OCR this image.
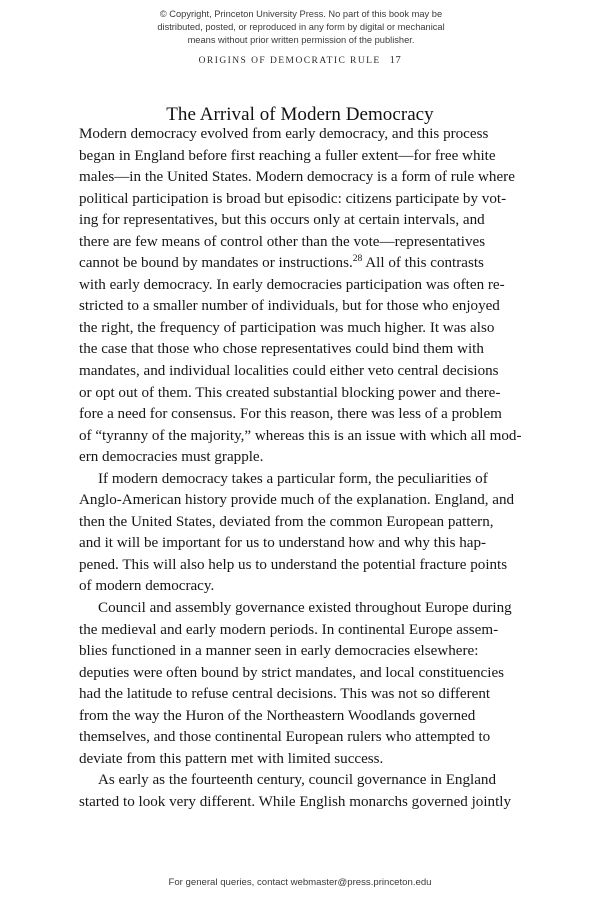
© Copyright, Princeton University Press. No part of this book may be
distributed, posted, or reproduced in any form by digital or mechanical
means without prior written permission of the publisher.
ORIGINS OF DEMOCRATIC RULE 17
The Arrival of Modern Democracy

Modern democracy evolved from early democracy, and this process

began in England before first reaching a fuller extent—for free white

males—in the United States. Modern democracy is a form of rule where

political participation is broad but episodic: citizens participate by vot-

ing for representatives, but this occurs only at certain intervals, and

there are few means of control other than the vote—representatives

cannot be bound by mandates or instructions.$^{28}$ All of this contrasts
with early democracy. In early democracies participation was often re-

stricted to a smaller number of individuals, but for those who enjoyed

the right, the frequency of participation was much higher. It was also

the case that those who chose representatives could bind them with

mandates, and individual localities could either veto central decisions

or opt out of them. This created substantial blocking power and there-

fore a need for consensus. For this reason, there was less of a problem

of “tyranny of the majority,” whereas this is an issue with which all mod-

ern democracies must grapple.

If modern democracy takes a particular form, the peculiarities of

Anglo-American history provide much of the explanation. England, and

then the United States, deviated from the common European pattern,

and it will be important for us to understand how and why this hap-

pened. This will also help us to understand the potential fracture points

of modern democracy.

Council and assembly governance existed throughout Europe during

the medieval and early modern periods. In continental Europe assem-

blies functioned in a manner seen in early democracies elsewhere:

deputies were often bound by strict mandates, and local constituencies

had the latitude to refuse central decisions. This was not so different

from the way the Huron of the Northeastern Woodlands governed

themselves, and those continental European rulers who attempted to

deviate from this pattern met with limited success.

As early as the fourteenth century, council governance in England

started to look very different. While English monarchs governed jointly

For general queries, contact webmaster@press.princeton.edu
